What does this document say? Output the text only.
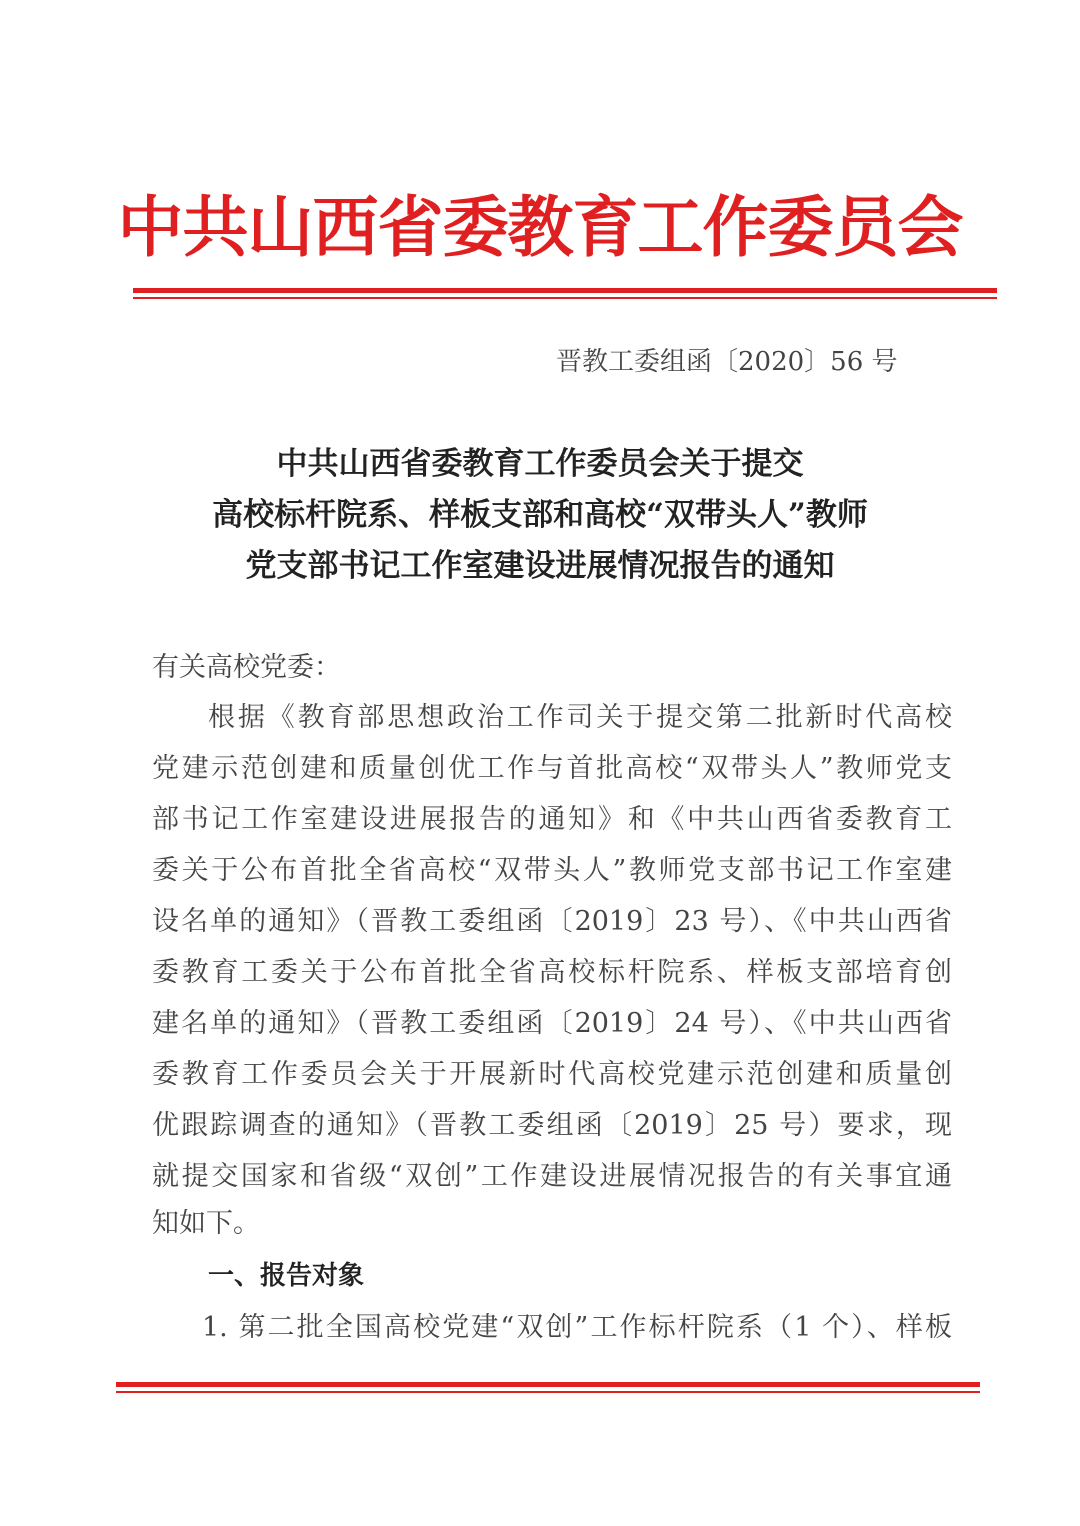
中共山西省委教育工作委员会
晋教工委组函〔2020〕56 号
中共山西省委教育工作委员会关于提交
高校标杆院系、样板支部和高校“双带头人”教师
党支部书记工作室建设进展情况报告的通知
有关高校党委：
根据《教育部思想政治工作司关于提交第二批新时代高校
党建示范创建和质量创优工作与首批高校“双带头人”教师党支
部书记工作室建设进展报告的通知》和《中共山西省委教育工
委关于公布首批全省高校“双带头人”教师党支部书记工作室建
设名单的通知》（晋教工委组函〔2019〕23 号）、《中共山西省
委教育工委关于公布首批全省高校标杆院系、样板支部培育创
建名单的通知》（晋教工委组函〔2019〕24 号）、《中共山西省
委教育工作委员会关于开展新时代高校党建示范创建和质量创
优跟踪调查的通知》（晋教工委组函〔2019〕25 号）要求，现
就提交国家和省级“双创”工作建设进展情况报告的有关事宜通
知如下。
一、报告对象
1. 第二批全国高校党建“双创”工作标杆院系（1 个）、样板
